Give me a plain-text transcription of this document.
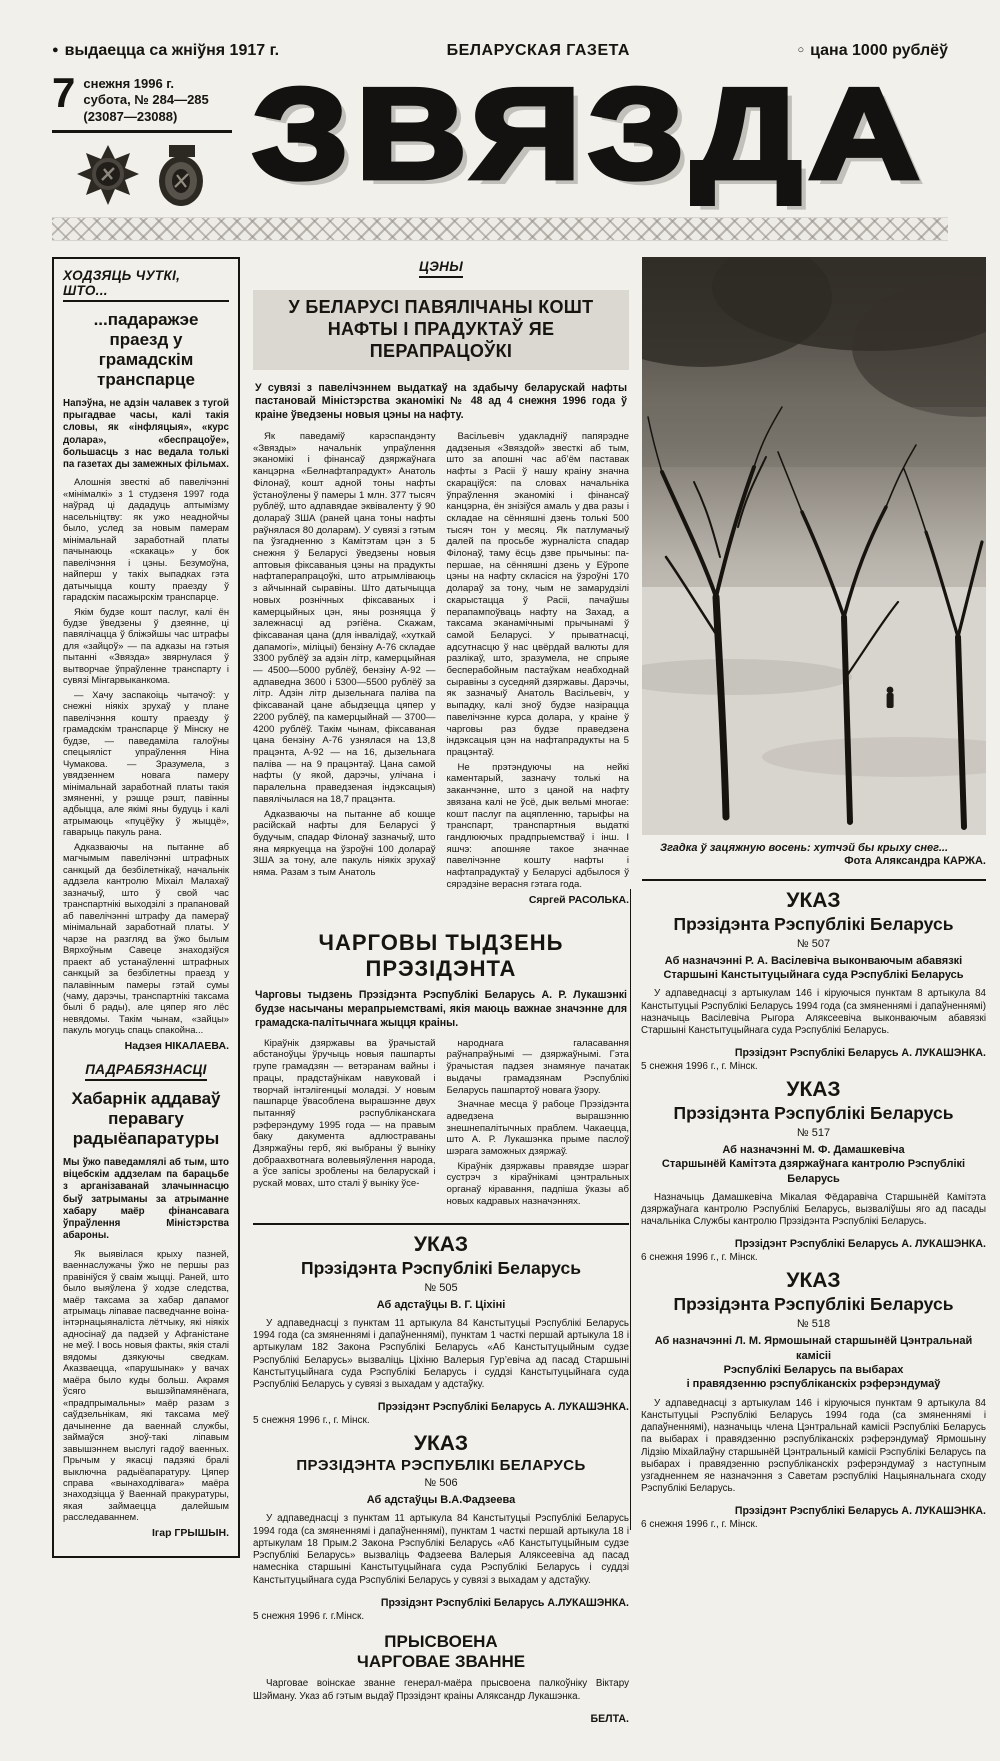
● выдаецца са жніўня 1917 г.	БЕЛАРУСКАЯ ГАЗЕТА	○ цана 1000 рублёў
7 снежня 1996 г.
субота, № 284—285
(23087—23088) ЗВЯЗДА
ХОДЗЯЦЬ ЧУТКІ, ШТО...
...падаражэе праезд у грамадскім транспарце

Напэўна, не адзін чалавек з тугой прыгадвае часы, калі такія словы, як «інфляцыя», «курс долара», «беспрацоўе», большасць з нас ведала толькі па газетах ды замежных фільмах.

Алошнія звесткі аб павелічэнні «мінімалкі» з 1 студзеня 1997 года наўрад ці дададуць аптымізму насельніцтву: як ужо неаднойчы было, услед за новым памерам мінімальнай заработнай платы пачынаюць «скакаць» у бок павелічэння і цэны. Безумоўна, найперш у такіх выпадках гэта датычыцца кошту праезду ў гарадскім пасажырскім транспарце.

Якім будзе кошт паслуг, калі ён будзе ўведзены ў дзеянне, ці павялічацца ў бліжэйшы час штрафы для «зайцоў» — па адказы на гэтыя пытанні «Звязда» звярнулася ў вытворчае ўпраўленне транспарту і сувязі Мінгарвыканкома.

— Хачу заспакоіць чытачоў: у снежні ніякіх зрухаў у плане павелічэння кошту праезду ў грамадскім транспарце ў Мінску не будзе, — паведаміла галоўны спецыяліст упраўлення Ніна Чумакова. — Зразумела, з увядзеннем новага памеру мінімальнай заработнай платы такія змяненні, у рэшце рэшт, павінны адбыцца, але якімі яны будуць і калі атрымаюць «пуцёўку ў жыццё», гаварыць пакуль рана.

Адказваючы на пытанне аб магчымым павелічэнні штрафных санкцый да безбілетнікаў, начальнік аддзела кантролю Міхаіл Малахаў зазначыў, што ў свой час транспартнікі выходзілі з прапановай аб павелічэнні штрафу да памераў мінімальнай заработнай платы. У чарзе на разгляд ва ўжо былым Вярхоўным Савеце знаходзіўся праект аб устанаўленні штрафных санкцый за безбілетны праезд у палавінным памеры гэтай сумы (чаму, дарэчы, транспартнікі таксама былі б рады), але цяпер яго лёс невядомы. Такім чынам, «зайцы» пакуль могуць спаць спакойна...

Надзея НІКАЛАЕВА.
ПАДРАБЯЗНАСЦІ
Хабарнік аддаваў перавагу радыёапаратуры

Мы ўжо паведамлялі аб тым, што віцебскім аддзелам па барацьбе з арганізаванай злачыннасцю быў затрыманы за атрыманне хабару маёр фінансавага ўпраўлення Міністэрства абароны.

Як выявілася крыху пазней, ваеннаслужачы ўжо не першы раз правініўся ў сваім жыцці. Раней, што было выяўлена ў ходзе следства, маёр таксама за хабар дапамог атрымаць ліпавае пасведчанне воіна-інтэрнацыяналіста лётчыку, які ніякіх адносінаў да падзей у Афганістане не меў. І вось новыя факты, якія сталі вядомы дзякуючы сведкам. Аказваецца, «парушынак» у вачах маёра было куды больш. Акрамя ўсяго вышэйпамянёнага, «прадпрымальны» маёр разам з саўдзельнікам, які таксама меў дачыненне да ваеннай службы, займаўся зноў-такі ліпавым завышэннем выслугі гадоў ваенных. Прычым у якасці падзякі бралі выключна радыёапаратуру. Цяпер справа «вынаходлівага» маёра знаходзіцца ў Ваеннай пракуратуры, якая займаецца далейшым расследаваннем.

Ігар ГРЫШЫН.
ЦЭНЫ
У БЕЛАРУСІ ПАВЯЛІЧАНЫ КОШТ НАФТЫ І ПРАДУКТАЎ ЯЕ ПЕРАПРАЦОЎКІ

У сувязі з павелічэннем выдаткаў на здабычу беларускай нафты пастановай Міністэрства эканомікі № 48 ад 4 снежня 1996 года ў краіне ўведзены новыя цэны на нафту.

Як паведаміў карэспандэнту «Звязды» начальнік упраўлення эканомікі і фінансаў дзяржаўнага канцэрна «Белнафтапрадукт» Анатоль Філонаў, кошт адной тоны нафты ўстаноўлены ў памеры 1 млн. 377 тысяч рублёў, што адпавядае эквіваленту ў 90 долараў ЗША (раней цана тоны нафты раўнялася 80 доларам). У сувязі з гэтым па ўзгадненню з Камітэтам цэн з 5 снежня ў Беларусі ўведзены новыя аптовыя фіксаваныя цэны на прадукты нафтаперапрацоўкі, што атрымліваюць з айчыннай сыравіны. Што датычыцца новых рознічных фіксаваных і камерцыйных цэн, яны розняцца ў залежнасці ад рэгіёна. Скажам, фіксаваная цана (для інвалідаў, «хуткай дапамогі», міліцыі) бензіну А-76 складае 3300 рублёў за адзін літр, камерцыйная — 4500—5000 рублёў, бензіну А-92 — адпаведна 3600 і 5300—5500 рублёў за літр. Адзін літр дызельнага паліва па фіксаванай цане абыдзецца цяпер у 2200 рублёў, па камерцыйнай — 3700—4200 рублёў. Такім чынам, фіксаваная цана бензіну А-76 узнялася на 13,8 працэнта, А-92 — на 16, дызельнага паліва — на 9 працэнтаў. Цана самой нафты (у якой, дарэчы, улічана і паралельна праведзеная індэксацыя) павялічылася на 18,7 працэнта.

Адказваючы на пытанне аб кошце расійскай нафты для Беларусі ў будучым, спадар Філонаў зазначыў, што яна мяркуецца на ўзроўні 100 долараў ЗША за тону, але пакуль ніякіх зрухаў няма. Разам з тым Анатоль

Васільевіч удакладніў папярэдне дадзеныя «Звяздой» звесткі аб тым, што за апошні час аб’ём паставак нафты з Расіі ў нашу краіну значна скараціўся: па словах начальніка ўпраўлення эканомікі і фінансаў канцэрна, ён знізіўся амаль у два разы і складае на сённяшні дзень толькі 500 тысяч тон у месяц. Як патлумачыў далей па просьбе журналіста спадар Філонаў, таму ёсць дзве прычыны: па-першае, на сённяшні дзень у Еўропе цэны на нафту скласіся на ўзроўні 170 долараў за тону, чым не замарудзілі скарыстацца ў Расіі, пачаўшы перапампоўваць нафту на Захад, а таксама эканамічнымі прычынамі ў самой Беларусі. У прыватнасці, адсутнасцю ў нас цвёрдай валюты для разлікаў, што, зразумела, не спрыяе бесперабойным пастаўкам неабходнай сыравіны з суседняй дзяржавы. Дарэчы, як зазначыў Анатоль Васільевіч, у выпадку, калі зноў будзе назірацца павелічэнне курса долара, у краіне ў чарговы раз будзе праведзена індэксацыя цэн на нафтапрадукты на 5 працэнтаў.

Не прэтэндуючы на нейкі каментарый, зазначу толькі на заканчэнне, што з цаной на нафту звязана калі не ўсё, дык вельмі многае: кошт паслуг па ацяпленню, тарыфы на транспарт, транспартныя выдаткі гандлюючых прадпрыемстваў і інш. І яшчэ: апошняе такое значнае павелічэнне кошту нафты і нафтапрадуктаў у Беларусі адбылося ў сярэдзіне верасня гэтага года.

Сяргей РАСОЛЬКА.
ЧАРГОВЫ ТЫДЗЕНЬ ПРЭЗІДЭНТА

Чарговы тыдзень Прэзідэнта Рэспублікі Беларусь А. Р. Лукашэнкі будзе насычаны мерапрыемствамі, якія маюць важнае значэнне для грамадска-палітычнага жыцця краіны.

Кіраўнік дзяржавы ва ўрачыстай абстаноўцы ўручыць новыя пашпарты групе грамадзян — ветэранам вайны і працы, прадстаўнікам навуковай і творчай інтэлігенцыі моладзі. У новым пашпарце ўвасоблена вырашэнне двух пытанняў рэспубліканскага рэферэндуму 1995 года — на правым баку дакумента адлюстраваны Дзяржаўны герб, які выбраны ў выніку добраахвотнага волевыяўлення народа, а ўсе запісы зроблены на беларускай і рускай мовах, што сталі ў выніку ўсе-

народнага галасавання раўнапраўнымі — дзяржаўнымі. Гэта ўрачыстая падзея знамянуе пачатак выдачы грамадзянам Рэспублікі Беларусь пашпартоў новага ўзору.

Значнае месца ў рабоце Прэзідэнта адведзена вырашэнню знешнепалітычных праблем. Чакаецца, што А. Р. Лукашэнка прыме паслоў шэрага заможных дзяржаў.

Кіраўнік дзяржавы правядзе шэраг сустрэч з кіраўнікамі цэнтральных органаў кіравання, падпіша ўказы аб новых кадравых назначэннях.

УКАЗ
Прэзідэнта Рэспублікі Беларусь
№ 505
Аб адстаўцы В. Г. Ціхіні

У адпаведнасці з пунктам 11 артыкула 84 Канстытуцыі Рэспублікі Беларусь 1994 года (са змяненнямі і дапаўненнямі), пунктам 1 часткі першай артыкула 18 і артыкулам 182 Закона Рэспублікі Беларусь «Аб Канстытуцыйным судзе Рэспублікі Беларусь» вызваліць Ціхіню Валерыя Гур’евіча ад пасад Старшыні Канстытуцыйнага суда Рэспублікі Беларусь і суддзі Канстытуцыйнага суда Рэспублікі Беларусь у сувязі з выхадам у адстаўку.

Прэзідэнт Рэспублікі Беларусь А. ЛУКАШЭНКА.
5 снежня 1996 г., г. Мінск.
УКАЗ
ПРЭЗІДЭНТА РЭСПУБЛІКІ БЕЛАРУСЬ
№ 506
Аб адстаўцы В.А.Фадзеева

У адпаведнасці з пунктам 11 артыкула 84 Канстытуцыі Рэспублікі Беларусь 1994 года (са змяненнямі і дапаўненнямі), пунктам 1 часткі першай артыкула 18 і артыкулам 18 Прым.2 Закона Рэспублікі Беларусь «Аб Канстытуцыйным судзе Рэспублікі Беларусь» вызваліць Фадзеева Валерыя Аляксеевіча ад пасад намесніка старшыні Канстытуцыйнага суда Рэспублікі Беларусь і суддзі Канстытуцыйнага суда Рэспублікі Беларусь у сувязі з выхадам у адстаўку.

Прэзідэнт Рэспублікі Беларусь А.ЛУКАШЭНКА.
5 снежня 1996 г. г.Мінск.
ПРЫСВОЕНА
ЧАРГОВАЕ ЗВАННЕ

Чарговае воінскае званне генерал-маёра прысвоена палкоўніку Віктару Шэйману. Указ аб гэтым выдаў Прэзідэнт краіны Аляксандр Лукашэнка.

БЕЛТА.
Згадка ў зацяжную восень: хутчэй бы крыху снег...
Фота Аляксандра КАРЖА.
УКАЗ
Прэзідэнта Рэспублікі Беларусь
№ 507
Аб назначэнні Р. А. Васілевіча выконваючым абавязкі
Старшыні Канстытуцыйнага суда Рэспублікі Беларусь

У адпаведнасці з артыкулам 146 і кіруючыся пунктам 8 артыкула 84 Канстытуцыі Рэспублікі Беларусь 1994 года (са змяненнямі і дапаўненнямі) назначыць Васілевіча Рыгора Аляксеевіча выконваючым абавязкі Старшыні Канстытуцыйнага суда Рэспублікі Беларусь.

Прэзідэнт Рэспублікі Беларусь А. ЛУКАШЭНКА.
5 снежня 1996 г., г. Мінск.
УКАЗ
Прэзідэнта Рэспублікі Беларусь
№ 517
Аб назначэнні М. Ф. Дамашкевіча
Старшынёй Камітэта дзяржаўнага кантролю Рэспублікі Беларусь

Назначыць Дамашкевіча Мікалая Фёдаравіча Старшынёй Камітэта дзяржаўнага кантролю Рэспублікі Беларусь, вызваліўшы яго ад пасады начальніка Службы кантролю Прэзідэнта Рэспублікі Беларусь.

Прэзідэнт Рэспублікі Беларусь А. ЛУКАШЭНКА.
6 снежня 1996 г., г. Мінск.
УКАЗ
Прэзідэнта Рэспублікі Беларусь
№ 518
Аб назначэнні Л. М. Ярмошынай старшынёй Цэнтральнай камісіі
Рэспублікі Беларусь па выбарах
і правядзенню рэспубліканскіх рэферэндумаў

У адпаведнасці з артыкулам 146 і кіруючыся пунктам 9 артыкула 84 Канстытуцыі Рэспублікі Беларусь 1994 года (са змяненнямі і дапаўненнямі), назначыць члена Цэнтральнай камісіі Рэспублікі Беларусь па выбарах і правядзенню рэспубліканскіх рэферэндумаў Ярмошыну Лідзію Міхайлаўну старшынёй Цэнтральный камісіі Рэспублікі Беларусь па выбарах і правядзенню рэспубліканскіх рэферэндумаў з наступным узгадненнем яе назначэння з Саветам рэспублікі Нацыянальнага сходу Рэспублікі Беларусь.

Прэзідэнт Рэспублікі Беларусь А. ЛУКАШЭНКА.
6 снежня 1996 г., г. Мінск.
